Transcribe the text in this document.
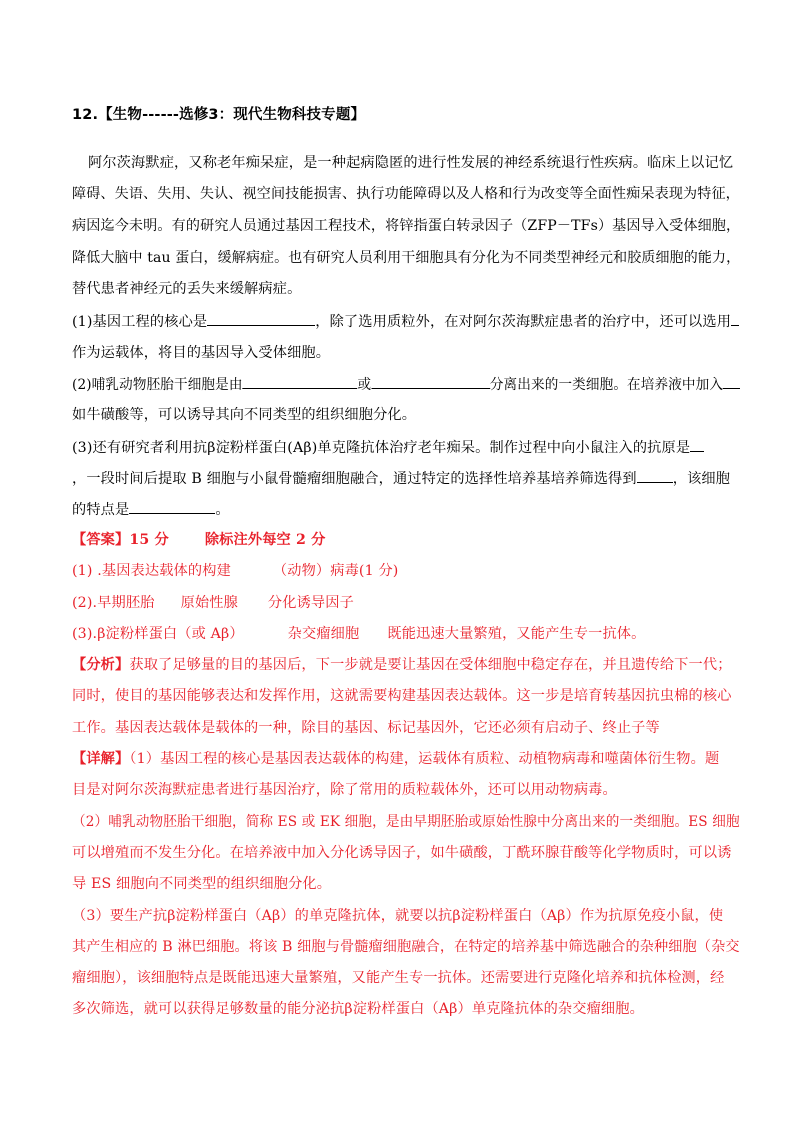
12.【生物------选修3：现代生物科技专题】
阿尔茨海默症，又称老年痴呆症，是一种起病隐匿的进行性发展的神经系统退行性疾病。临床上以记忆
障碍、失语、失用、失认、视空间技能损害、执行功能障碍以及人格和行为改变等全面性痴呆表现为特征，
病因迄今未明。有的研究人员通过基因工程技术，将锌指蛋白转录因子（ZFP－TFs）基因导入受体细胞，
降低大脑中 tau 蛋白，缓解病症。也有研究人员利用干细胞具有分化为不同类型神经元和胶质细胞的能力，
替代患者神经元的丢失来缓解病症。
(1)基因工程的核心是	，除了选用质粒外，在对阿尔茨海默症患者的治疗中，还可以选用
作为运载体，将目的基因导入受体细胞。
(2)哺乳动物胚胎干细胞是由	或	分离出来的一类细胞。在培养液中加入
如牛磺酸等，可以诱导其向不同类型的组织细胞分化。
(3)还有研究者利用抗β淀粉样蛋白(Aβ)单克隆抗体治疗老年痴呆。制作过程中向小鼠注入的抗原是
，一段时间后提取 B 细胞与小鼠骨髓瘤细胞融合，通过特定的选择性培养基培养筛选得到	，该细胞
的特点是	。
【答案】15 分	除标注外每空 2 分
(1) .基因表达载体的构建	（动物）病毒(1 分)
(2).早期胚胎 原始性腺 分化诱导因子
(3).β淀粉样蛋白（或 Aβ）	杂交瘤细胞 既能迅速大量繁殖，又能产生专一抗体。
【分析】获取了足够量的目的基因后，下一步就是要让基因在受体细胞中稳定存在，并且遗传给下一代；
同时，使目的基因能够表达和发挥作用，这就需要构建基因表达载体。这一步是培育转基因抗虫棉的核心
工作。基因表达载体是载体的一种，除目的基因、标记基因外，它还必须有启动子、终止子等
【详解】（1）基因工程的核心是基因表达载体的构建，运载体有质粒、动植物病毒和噬菌体衍生物。题
目是对阿尔茨海默症患者进行基因治疗，除了常用的质粒载体外，还可以用动物病毒。
（2）哺乳动物胚胎干细胞，简称 ES 或 EK 细胞，是由早期胚胎或原始性腺中分离出来的一类细胞。ES 细胞
可以增殖而不发生分化。在培养液中加入分化诱导因子，如牛磺酸，丁酰环腺苷酸等化学物质时，可以诱
导 ES 细胞向不同类型的组织细胞分化。
（3）要生产抗β淀粉样蛋白（Aβ）的单克隆抗体，就要以抗β淀粉样蛋白（Aβ）作为抗原免疫小鼠，使
其产生相应的 B 淋巴细胞。将该 B 细胞与骨髓瘤细胞融合，在特定的培养基中筛选融合的杂种细胞（杂交
瘤细胞），该细胞特点是既能迅速大量繁殖，又能产生专一抗体。还需要进行克隆化培养和抗体检测，经
多次筛选，就可以获得足够数量的能分泌抗β淀粉样蛋白（Aβ）单克隆抗体的杂交瘤细胞。
